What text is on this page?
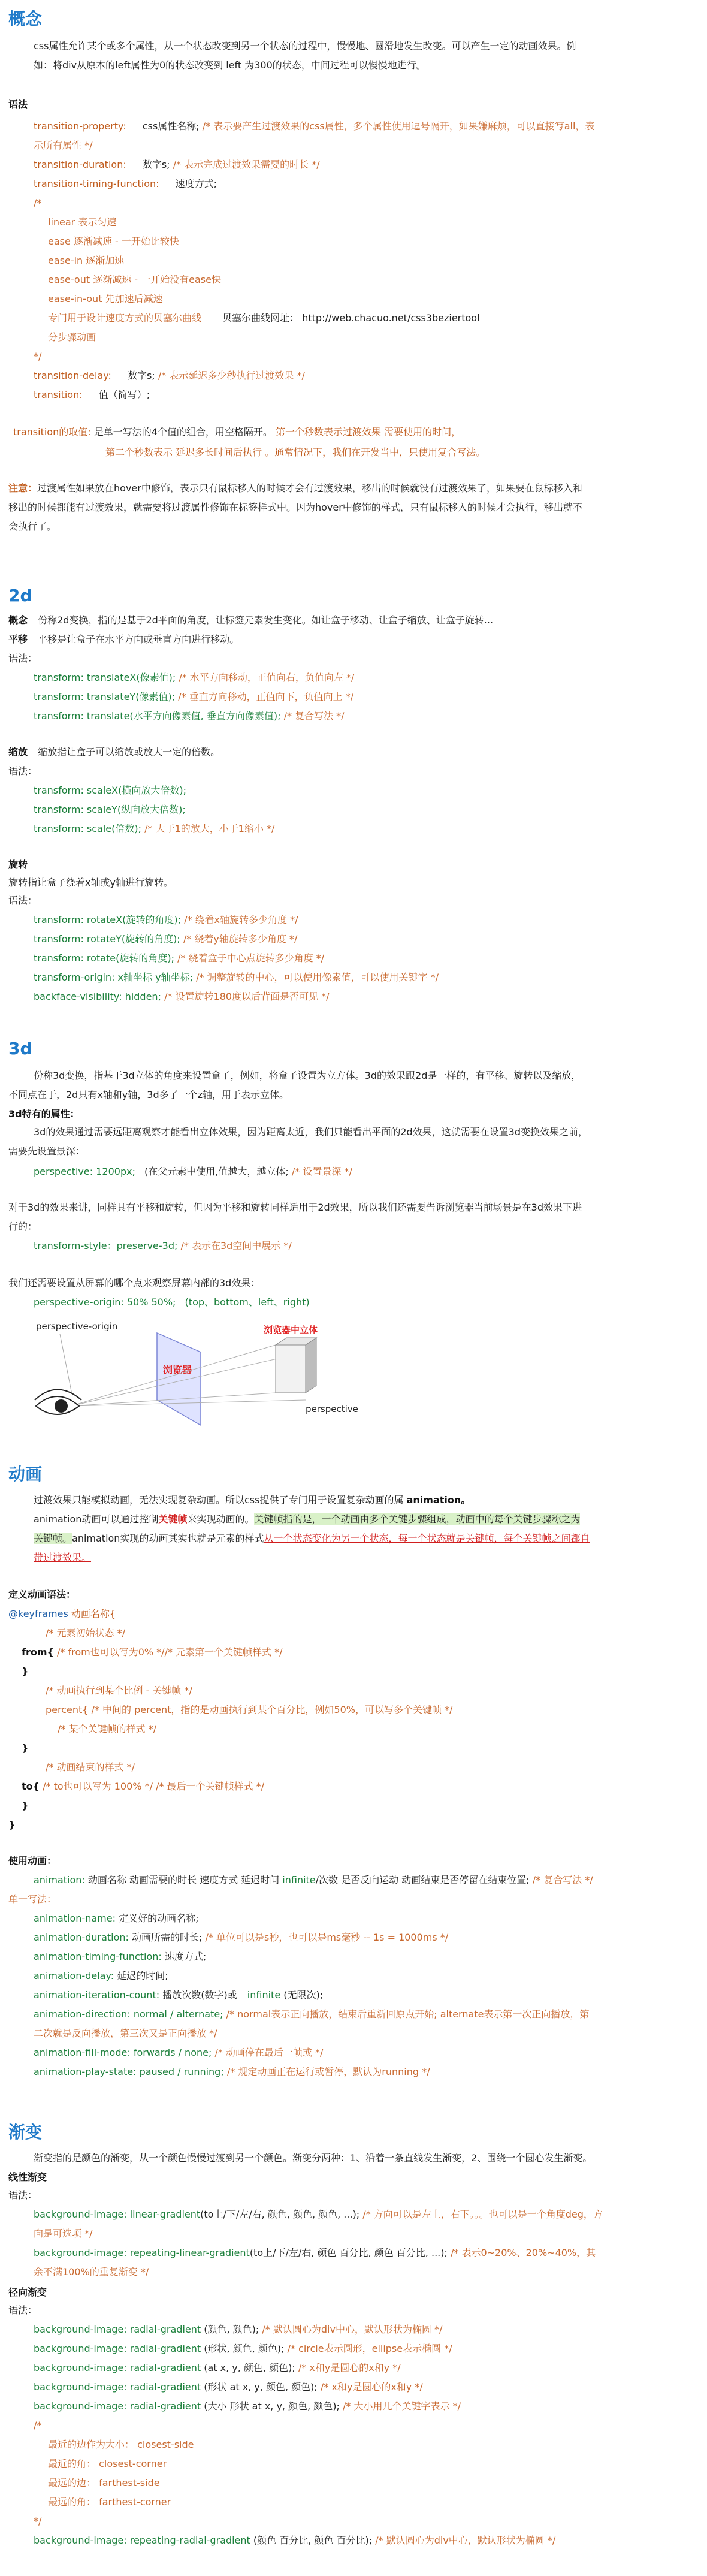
概念
css属性允许某个或多个属性，从一个状态改变到另一个状态的过程中，慢慢地、圆滑地发生改变。可以产生一定的动画效果。例
如：将div从原本的left属性为0的状态改变到 left 为300的状态，中间过程可以慢慢地进行。
语法
transition-property: css属性名称; /* 表示要产生过渡效果的css属性，多个属性使用逗号隔开，如果嫌麻烦，可以直接写all，表
示所有属性 */
transition-duration: 数字s; /* 表示完成过渡效果需要的时长 */
transition-timing-function: 速度方式;
/*
linear 表示匀速
ease 逐渐减速 - 一开始比较快
ease-in 逐渐加速
ease-out 逐渐减速 - 一开始没有ease快
ease-in-out 先加速后减速
专门用于设计速度方式的贝塞尔曲线 贝塞尔曲线网址： http://web.chacuo.net/css3beziertool
分步骤动画
*/
transition-delay: 数字s; /* 表示延迟多少秒执行过渡效果 */
transition: 值（简写）;
transition的取值: 是单一写法的4个值的组合，用空格隔开。 第一个秒数表示过渡效果 需要使用的时间，
第二个秒数表示 延迟多长时间后执行 。通常情况下，我们在开发当中，只使用复合写法。
注意：过渡属性如果放在hover中修饰，表示只有鼠标移入的时候才会有过渡效果，移出的时候就没有过渡效果了，如果要在鼠标移入和
移出的时候都能有过渡效果，就需要将过渡属性修饰在标签样式中。因为hover中修饰的样式，只有鼠标移入的时候才会执行，移出就不
会执行了。
2d
概念 份称2d变换，指的是基于2d平面的角度，让标签元素发生变化。如让盒子移动、让盒子缩放、让盒子旋转...
平移 平移是让盒子在水平方向或垂直方向进行移动。
语法：
transform: translateX(像素值); /* 水平方向移动，正值向右，负值向左 */
transform: translateY(像素值); /* 垂直方向移动，正值向下，负值向上 */
transform: translate(水平方向像素值, 垂直方向像素值); /* 复合写法 */
缩放 缩放指让盒子可以缩放或放大一定的倍数。
语法：
transform: scaleX(横向放大倍数);
transform: scaleY(纵向放大倍数);
transform: scale(倍数); /* 大于1的放大，小于1缩小 */
旋转
旋转指让盒子绕着x轴或y轴进行旋转。
语法：
transform: rotateX(旋转的角度); /* 绕着x轴旋转多少角度 */
transform: rotateY(旋转的角度); /* 绕着y轴旋转多少角度 */
transform: rotate(旋转的角度); /* 绕着盒子中心点旋转多少角度 */
transform-origin: x轴坐标 y轴坐标; /* 调整旋转的中心，可以使用像素值，可以使用关键字 */
backface-visibility: hidden; /* 设置旋转180度以后背面是否可见 */
3d
份称3d变换，指基于3d立体的角度来设置盒子，例如，将盒子设置为立方体。3d的效果跟2d是一样的，有平移、旋转以及缩放，
不同点在于，2d只有x轴和y轴，3d多了一个z轴，用于表示立体。
3d特有的属性：
3d的效果通过需要远距离观察才能看出立体效果，因为距离太近，我们只能看出平面的2d效果，这就需要在设置3d变换效果之前，
需要先设置景深：
perspective: 1200px; (在父元素中使用,值越大，越立体; /* 设置景深 */
对于3d的效果来讲，同样具有平移和旋转，但因为平移和旋转同样适用于2d效果，所以我们还需要告诉浏览器当前场景是在3d效果下进
行的：
transform-style：preserve-3d; /* 表示在3d空间中展示 */
我们还需要设置从屏幕的哪个点来观察屏幕内部的3d效果：
perspective-origin: 50% 50%; (top、bottom、left、right)
perspective-origin
浏览器
浏览器中立体
perspective
动画
过渡效果只能模拟动画，无法实现复杂动画。所以css提供了专门用于设置复杂动画的属 animation。
animation动画可以通过控制关键帧来实现动画的。关键帧指的是，一个动画由多个关键步骤组成，动画中的每个关键步骤称之为
关键帧。animation实现的动画其实也就是元素的样式从一个状态变化为另一个状态，每一个状态就是关键帧，每个关键帧之间都自
带过渡效果。
定义动画语法：
@keyframes 动画名称{
/* 元素初始状态 */
from{ /* from也可以写为0% *//* 元素第一个关键帧样式 */
}
/* 动画执行到某个比例 - 关键帧 */
percent{ /* 中间的 percent，指的是动画执行到某个百分比，例如50%，可以写多个关键帧 */
/* 某个关键帧的样式 */
}
/* 动画结束的样式 */
to{ /* to也可以写为 100% */ /* 最后一个关键帧样式 */
}
}
使用动画：
animation: 动画名称 动画需要的时长 速度方式 延迟时间 infinite/次数 是否反向运动 动画结束是否停留在结束位置; /* 复合写法 */
单一写法：
animation-name: 定义好的动画名称;
animation-duration: 动画所需的时长; /* 单位可以是s秒，也可以是ms毫秒 -- 1s = 1000ms */
animation-timing-function: 速度方式;
animation-delay: 延迟的时间;
animation-iteration-count: 播放次数(数字)或 infinite (无限次);
animation-direction: normal / alternate; /* normal表示正向播放，结束后重新回原点开始; alternate表示第一次正向播放，第
二次就是反向播放，第三次又是正向播放 */
animation-fill-mode: forwards / none; /* 动画停在最后一帧或 */
animation-play-state: paused / running; /* 规定动画正在运行或暂停，默认为running */
渐变
渐变指的是颜色的渐变，从一个颜色慢慢过渡到另一个颜色。渐变分两种：1、沿着一条直线发生渐变，2、围绕一个圆心发生渐变。
线性渐变
语法：
background-image: linear-gradient(to上/下/左/右, 颜色, 颜色, 颜色, ...); /* 方向可以是左上，右下。。。也可以是一个角度deg，方
向是可选项 */
background-image: repeating-linear-gradient(to上/下/左/右, 颜色 百分比, 颜色 百分比, ...); /* 表示0~20%、20%~40%，其
余不满100%的重复渐变 */
径向渐变
语法：
background-image: radial-gradient (颜色, 颜色); /* 默认圆心为div中心，默认形状为椭圆 */
background-image: radial-gradient (形状, 颜色, 颜色); /* circle表示圆形，ellipse表示椭圆 */
background-image: radial-gradient (at x, y, 颜色, 颜色); /* x和y是圆心的x和y */
background-image: radial-gradient (形状 at x, y, 颜色, 颜色); /* x和y是圆心的x和y */
background-image: radial-gradient (大小 形状 at x, y, 颜色, 颜色); /* 大小用几个关键字表示 */
/*
最近的边作为大小： closest-side
最近的角： closest-corner
最远的边： farthest-side
最远的角： farthest-corner
*/
background-image: repeating-radial-gradient (颜色 百分比, 颜色 百分比); /* 默认圆心为div中心，默认形状为椭圆 */
